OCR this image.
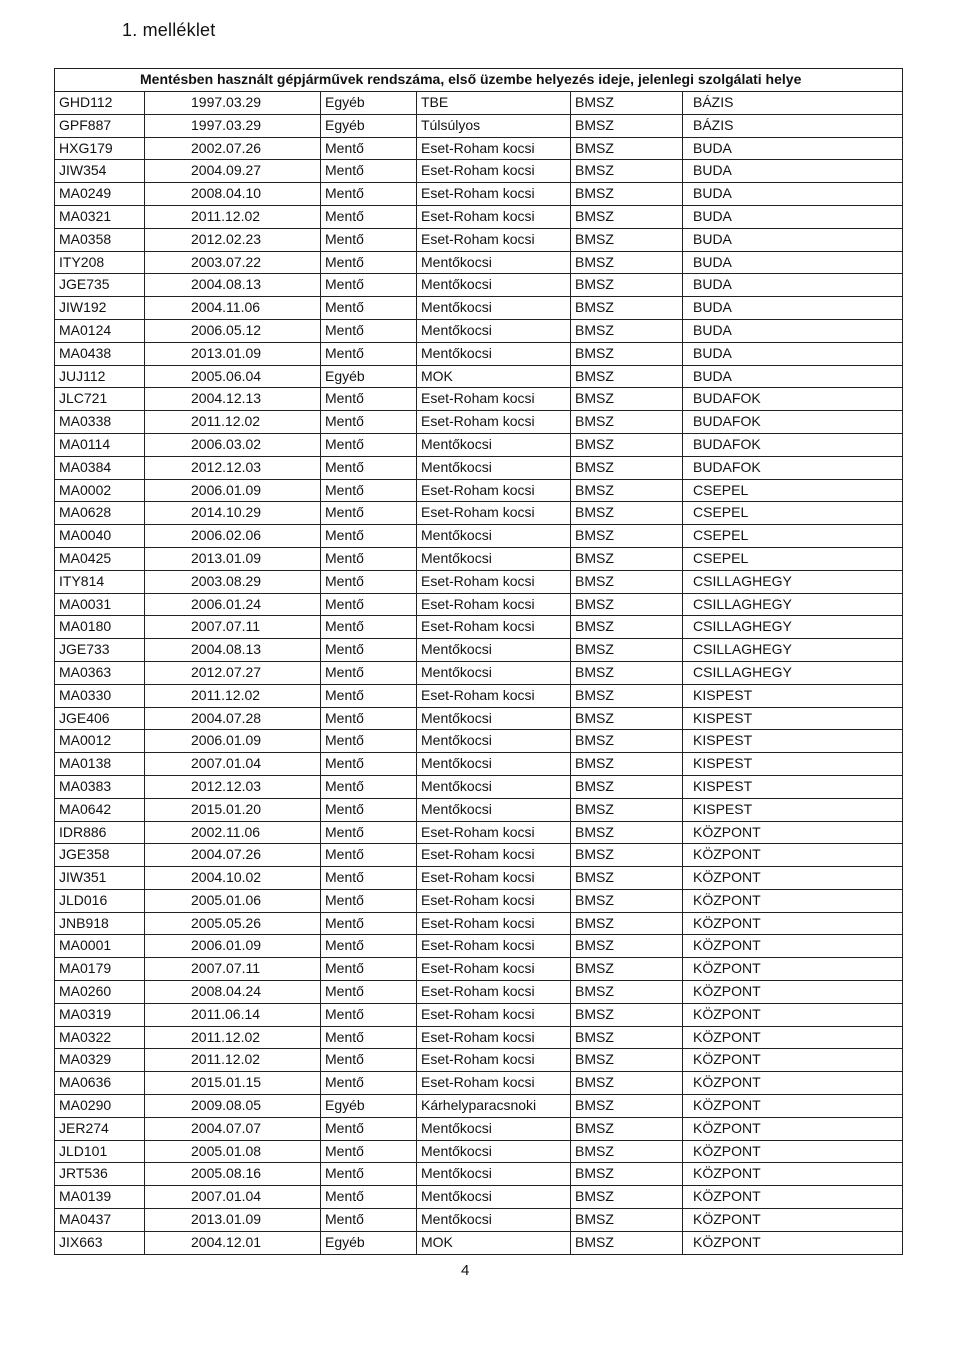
1. melléklet
Mentésben használt gépjárművek rendszáma, első üzembe helyezés ideje, jelenlegi szolgálati helye					
GHD112	1997.03.29	Egyéb	TBE	BMSZ	BÁZIS
GPF887	1997.03.29	Egyéb	Túlsúlyos	BMSZ	BÁZIS
HXG179	2002.07.26	Mentő	Eset-Roham kocsi	BMSZ	BUDA
JIW354	2004.09.27	Mentő	Eset-Roham kocsi	BMSZ	BUDA
MA0249	2008.04.10	Mentő	Eset-Roham kocsi	BMSZ	BUDA
MA0321	2011.12.02	Mentő	Eset-Roham kocsi	BMSZ	BUDA
MA0358	2012.02.23	Mentő	Eset-Roham kocsi	BMSZ	BUDA
ITY208	2003.07.22	Mentő	Mentőkocsi	BMSZ	BUDA
JGE735	2004.08.13	Mentő	Mentőkocsi	BMSZ	BUDA
JIW192	2004.11.06	Mentő	Mentőkocsi	BMSZ	BUDA
MA0124	2006.05.12	Mentő	Mentőkocsi	BMSZ	BUDA
MA0438	2013.01.09	Mentő	Mentőkocsi	BMSZ	BUDA
JUJ112	2005.06.04	Egyéb	MOK	BMSZ	BUDA
JLC721	2004.12.13	Mentő	Eset-Roham kocsi	BMSZ	BUDAFOK
MA0338	2011.12.02	Mentő	Eset-Roham kocsi	BMSZ	BUDAFOK
MA0114	2006.03.02	Mentő	Mentőkocsi	BMSZ	BUDAFOK
MA0384	2012.12.03	Mentő	Mentőkocsi	BMSZ	BUDAFOK
MA0002	2006.01.09	Mentő	Eset-Roham kocsi	BMSZ	CSEPEL
MA0628	2014.10.29	Mentő	Eset-Roham kocsi	BMSZ	CSEPEL
MA0040	2006.02.06	Mentő	Mentőkocsi	BMSZ	CSEPEL
MA0425	2013.01.09	Mentő	Mentőkocsi	BMSZ	CSEPEL
ITY814	2003.08.29	Mentő	Eset-Roham kocsi	BMSZ	CSILLAGHEGY
MA0031	2006.01.24	Mentő	Eset-Roham kocsi	BMSZ	CSILLAGHEGY
MA0180	2007.07.11	Mentő	Eset-Roham kocsi	BMSZ	CSILLAGHEGY
JGE733	2004.08.13	Mentő	Mentőkocsi	BMSZ	CSILLAGHEGY
MA0363	2012.07.27	Mentő	Mentőkocsi	BMSZ	CSILLAGHEGY
MA0330	2011.12.02	Mentő	Eset-Roham kocsi	BMSZ	KISPEST
JGE406	2004.07.28	Mentő	Mentőkocsi	BMSZ	KISPEST
MA0012	2006.01.09	Mentő	Mentőkocsi	BMSZ	KISPEST
MA0138	2007.01.04	Mentő	Mentőkocsi	BMSZ	KISPEST
MA0383	2012.12.03	Mentő	Mentőkocsi	BMSZ	KISPEST
MA0642	2015.01.20	Mentő	Mentőkocsi	BMSZ	KISPEST
IDR886	2002.11.06	Mentő	Eset-Roham kocsi	BMSZ	KÖZPONT
JGE358	2004.07.26	Mentő	Eset-Roham kocsi	BMSZ	KÖZPONT
JIW351	2004.10.02	Mentő	Eset-Roham kocsi	BMSZ	KÖZPONT
JLD016	2005.01.06	Mentő	Eset-Roham kocsi	BMSZ	KÖZPONT
JNB918	2005.05.26	Mentő	Eset-Roham kocsi	BMSZ	KÖZPONT
MA0001	2006.01.09	Mentő	Eset-Roham kocsi	BMSZ	KÖZPONT
MA0179	2007.07.11	Mentő	Eset-Roham kocsi	BMSZ	KÖZPONT
MA0260	2008.04.24	Mentő	Eset-Roham kocsi	BMSZ	KÖZPONT
MA0319	2011.06.14	Mentő	Eset-Roham kocsi	BMSZ	KÖZPONT
MA0322	2011.12.02	Mentő	Eset-Roham kocsi	BMSZ	KÖZPONT
MA0329	2011.12.02	Mentő	Eset-Roham kocsi	BMSZ	KÖZPONT
MA0636	2015.01.15	Mentő	Eset-Roham kocsi	BMSZ	KÖZPONT
MA0290	2009.08.05	Egyéb	Kárhelyparacsnoki	BMSZ	KÖZPONT
JER274	2004.07.07	Mentő	Mentőkocsi	BMSZ	KÖZPONT
JLD101	2005.01.08	Mentő	Mentőkocsi	BMSZ	KÖZPONT
JRT536	2005.08.16	Mentő	Mentőkocsi	BMSZ	KÖZPONT
MA0139	2007.01.04	Mentő	Mentőkocsi	BMSZ	KÖZPONT
MA0437	2013.01.09	Mentő	Mentőkocsi	BMSZ	KÖZPONT
JIX663	2004.12.01	Egyéb	MOK	BMSZ	KÖZPONT
4
